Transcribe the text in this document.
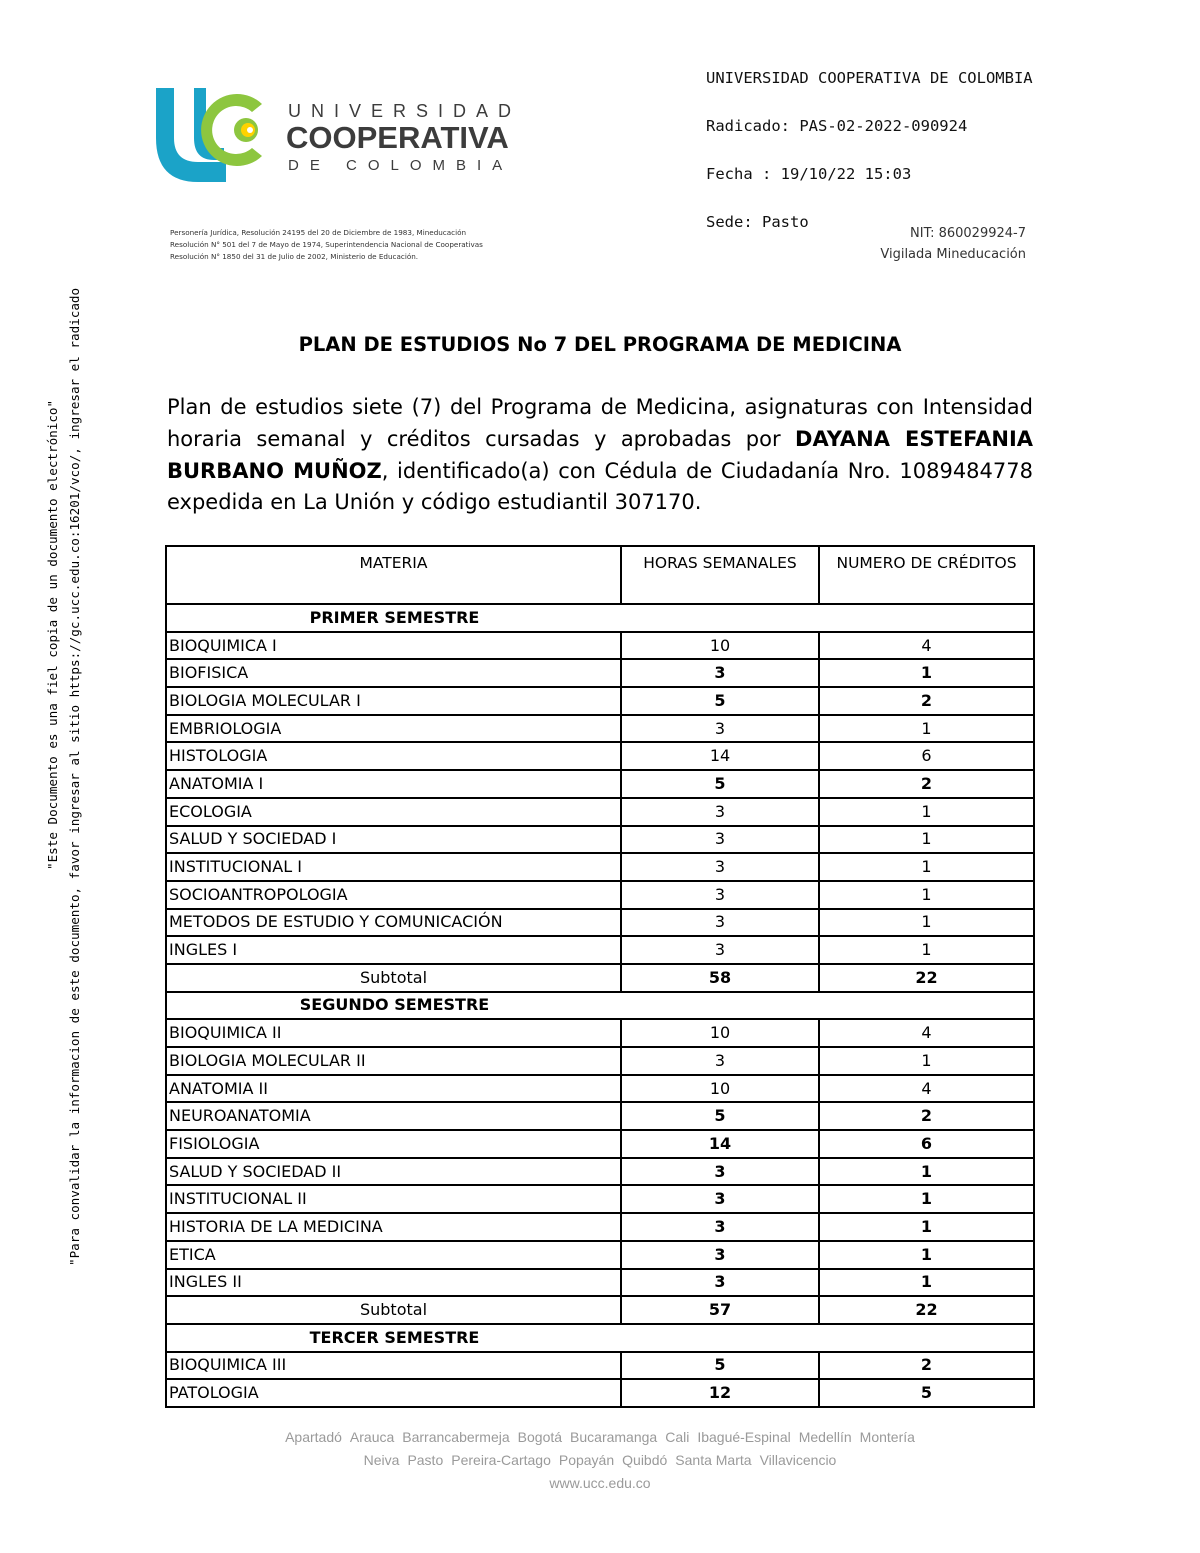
"Este Documento es una fiel copia de un documento electrónico" "Para convalidar la informacion de este documento, favor ingresar al sitio https://gc.ucc.edu.co:16201/vco/, ingresar el radicado

UNIVERSIDAD COOPERATIVA DE COLOMBIA

Radicado: PAS-02-2022-090924

Fecha : 19/10/22 15:03

Sede: Pasto

UNIVERSIDAD
COOPERATIVA
DE COLOMBIA
Personería Jurídica, Resolución 24195 del 20 de Diciembre de 1983, Mineducación
Resolución N° 501 del 7 de Mayo de 1974, Superintendencia Nacional de Cooperativas
Resolución N° 1850 del 31 de Julio de 2002, Ministerio de Educación.
NIT: 860029924-7
Vigilada Mineducación
PLAN DE ESTUDIOS No 7 DEL PROGRAMA DE MEDICINA
Plan de estudios siete (7) del Programa de Medicina, asignaturas con Intensidad horaria semanal y créditos cursadas y aprobadas por DAYANA ESTEFANIA BURBANO MUÑOZ, identificado(a) con Cédula de Ciudadanía Nro. 1089484778 expedida en La Unión y código estudiantil 307170.
MATERIA	HORAS SEMANALES	NUMERO DE CRÉDITOS
PRIMER SEMESTRE		
BIOQUIMICA I	10	4
BIOFISICA	3	1
BIOLOGIA MOLECULAR I	5	2
EMBRIOLOGIA	3	1
HISTOLOGIA	14	6
ANATOMIA I	5	2
ECOLOGIA	3	1
SALUD Y SOCIEDAD I	3	1
INSTITUCIONAL I	3	1
SOCIOANTROPOLOGIA	3	1
METODOS DE ESTUDIO Y COMUNICACIÓN	3	1
INGLES I	3	1
Subtotal	58	22
SEGUNDO SEMESTRE		
BIOQUIMICA II	10	4
BIOLOGIA MOLECULAR II	3	1
ANATOMIA II	10	4
NEUROANATOMIA	5	2
FISIOLOGIA	14	6
SALUD Y SOCIEDAD II	3	1
INSTITUCIONAL II	3	1
HISTORIA DE LA MEDICINA	3	1
ETICA	3	1
INGLES II	3	1
Subtotal	57	22
TERCER SEMESTRE		
BIOQUIMICA III	5	2
PATOLOGIA	12	5
Apartadó Arauca Barrancabermeja Bogotá Bucaramanga Cali Ibagué-Espinal Medellín Montería
Neiva Pasto Pereira-Cartago Popayán Quibdó Santa Marta Villavicencio
www.ucc.edu.co
